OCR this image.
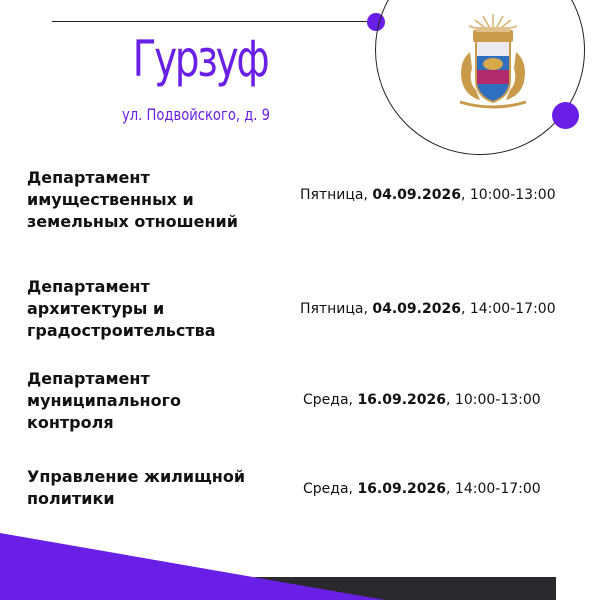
Гурзуф
ул. Подвойского, д. 9
Департамент имущественных и земельных отношений
Пятница, 04.09.2026, 10:00-13:00
Департамент архитектуры и градостроительства
Пятница, 04.09.2026, 14:00-17:00
Департамент муниципального контроля
Среда, 16.09.2026, 10:00-13:00
Управление жилищной политики	Среда, 16.09.2026, 14:00-17:00
